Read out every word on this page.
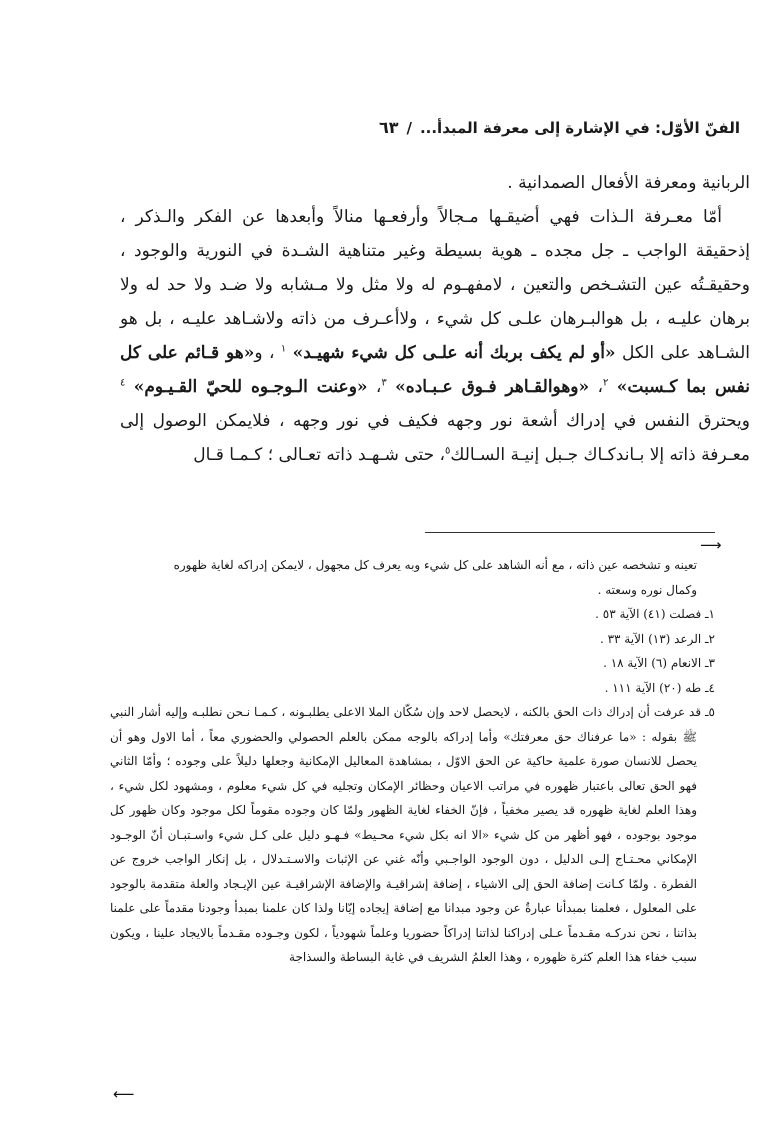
الفنّ الأوّل: في الإشارة إلى معرفة المبدأ.../٦٣

الربانية ومعرفة الأفعال الصمدانية .

أمّا معـرفة الـذات فهي أضيقـها مـجالاً وأرفعـها منالاً وأبعدها عن الفكر والـذكر ، إذحقيقة الواجب ـ جل مجده ـ هوية بسيطة وغير متناهية الشـدة في النورية والوجود ، وحقيقـتُه عين التشـخص والتعين ، لامفهـوم له ولا مثل ولا مـشابه ولا ضـد ولا حد له ولا برهان عليـه ، بل هوالبـرهان علـى كل شيء ، ولاأعـرف من ذاته ولاشـاهد عليـه ، بل هو الشـاهد على الكل «أو لم يكف بربك أنه علـى كل شيء شهيـد» $^١$ ، و«هو قـائم على كل نفس بما كـسبت» $^٢$، «وهوالقـاهر فـوق عـبـاده» $^٣$، «وعنت الـوجـوه للحيّ القـيـوم» $^٤$ ويحترق النفس في إدراك أشعة نور وجهه فكيف في نور وجهه ، فلايمكن الوصول إلى معـرفة ذاته إلا بـاندكـاك جـبل إنيـة السـالك$^٥$، حتى شـهـد ذاته تعـالى ؛ كـمـا قـال

⟶

تعينه و تشخصه عين ذاته ، مع أنه الشاهد على كل شيء وبه يعرف كل مجهول ، لايمكن إدراكه لغاية ظهوره

وكمال نوره وسعته .

١ـ فصلت (٤١) الآية ٥٣ .

٢ـ الرعد (١٣) الآية ٣٣ .

٣ـ الانعام (٦) الآية ١٨ .

٤ـ طه (٢٠) الآية ١١١ .

٥ـ قد عرفت أن إدراك ذات الحق بالكنه ، لايحصل لاحد وإن سُكّان الملا الاعلى يطلبـونه ، كـمـا نـحن نطلبـه وإليه أشار النبي ﷺ بقوله : «ما عرفناك حق معرفتك» وأما إدراكه بالوجه ممكن بالعلم الحصولي والحضوري معاً ، أما الاول وهو أن يحصل للانسان صورة علمية حاكية عن الحق الاوّل ، بمشاهدة المعاليل الإمكانية وجعلها دليلاً على وجوده ؛ وأمّا الثاني فهو الحق تعالى باعتبار ظهوره في مراتب الاعيان وحظائر الإمكان وتجليه في كل شيء معلوم ، ومشهود لكل شيء ، وهذا العلم لغاية ظهوره قد يصير مخفياً ، فإنّ الخفاء لغاية الظهور ولمّا كان وجوده مقوماً لكل موجود وكان ظهور كل موجود بوجوده ، فهو أظهر من كل شيء «الا انه بكل شيء محـيط» فـهـو دليل على كـل شيء واسـتبـان أنّ الوجـود الإمكاني محـتـاج إلـى الدليل ، دون الوجود الواجـبي وأنّه غني عن الإثبات والاسـتـدلال ، بل إنكار الواجب خروج عن الفطرة . ولمّا كـانت إضافة الحق إلى الاشياء ، إضافة إشراقيـة والإضافة الإشراقيـة عين الإيـجاد والعلة متقدمة بالوجود على المعلول ، فعلمنا بمبدأنا عبارةٌ عن وجود مبدانا مع إضافة إيجاده إيّانا ولذا كان علمنا بمبدأ وجودنا مقدماً على علمنا بذاتنا ، نحن ندركـه مقـدماً عـلى إدراكنا لذاتنا إدراكاً حضوريا وعلماً شهودياً ، لكون وجـوده مقـدماً بالايجاد علينا ، ويكون سبب خفاء هذا العلم كثرة ظهوره ، وهذا العلمُ الشريف في غاية البساطة والسذاجة

⟵
